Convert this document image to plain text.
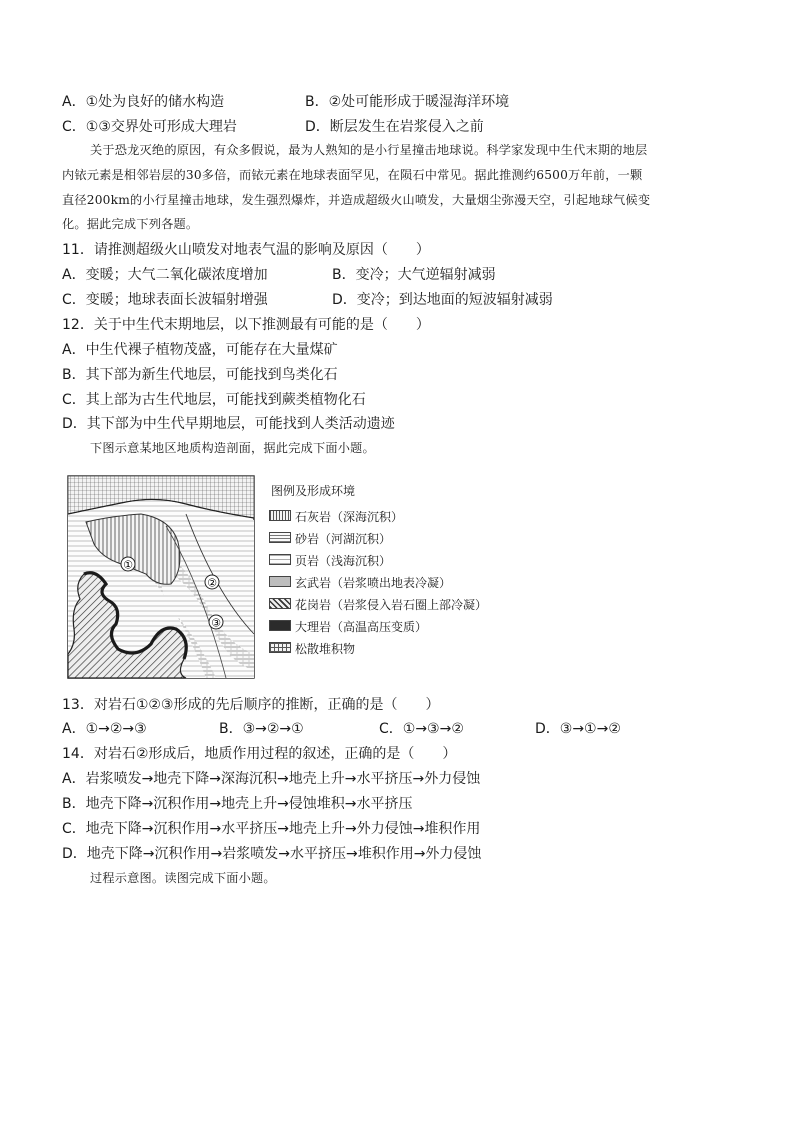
A．①处为良好的储水构造	B．②处可能形成于暖湿海洋环境
C．①③交界处可形成大理岩	D．断层发生在岩浆侵入之前
关于恐龙灭绝的原因，有众多假说，最为人熟知的是小行星撞击地球说。科学家发现中生代末期的地层
内铱元素是相邻岩层的30多倍，而铱元素在地球表面罕见，在陨石中常见。据此推测约6500万年前，一颗
直径200km的小行星撞击地球，发生强烈爆炸，并造成超级火山喷发，大量烟尘弥漫天空，引起地球气候变
化。据此完成下列各题。
11．请推测超级火山喷发对地表气温的影响及原因（　　）
A．变暖；大气二氧化碳浓度增加	B．变冷；大气逆辐射减弱
C．变暖；地球表面长波辐射增强	D．变冷；到达地面的短波辐射减弱
12．关于中生代末期地层，以下推测最有可能的是（　　）
A．中生代裸子植物茂盛，可能存在大量煤矿
B．其下部为新生代地层，可能找到鸟类化石
C．其上部为古生代地层，可能找到蕨类植物化石
D．其下部为中生代早期地层，可能找到人类活动遗迹
下图示意某地区地质构造剖面，据此完成下面小题。
①
②
③
图例及形成环境
石灰岩（深海沉积）
砂岩（河湖沉积）
页岩（浅海沉积）
玄武岩（岩浆喷出地表冷凝）
花岗岩（岩浆侵入岩石圈上部冷凝）
大理岩（高温高压变质）
松散堆积物
13．对岩石①②③形成的先后顺序的推断，正确的是（　　）
A．①→②→③	B．③→②→①	C．①→③→②	D．③→①→②
14．对岩石②形成后，地质作用过程的叙述，正确的是（　　）
A．岩浆喷发→地壳下降→深海沉积→地壳上升→水平挤压→外力侵蚀
B．地壳下降→沉积作用→地壳上升→侵蚀堆积→水平挤压
C．地壳下降→沉积作用→水平挤压→地壳上升→外力侵蚀→堆积作用
D．地壳下降→沉积作用→岩浆喷发→水平挤压→堆积作用→外力侵蚀
过程示意图。读图完成下面小题。
